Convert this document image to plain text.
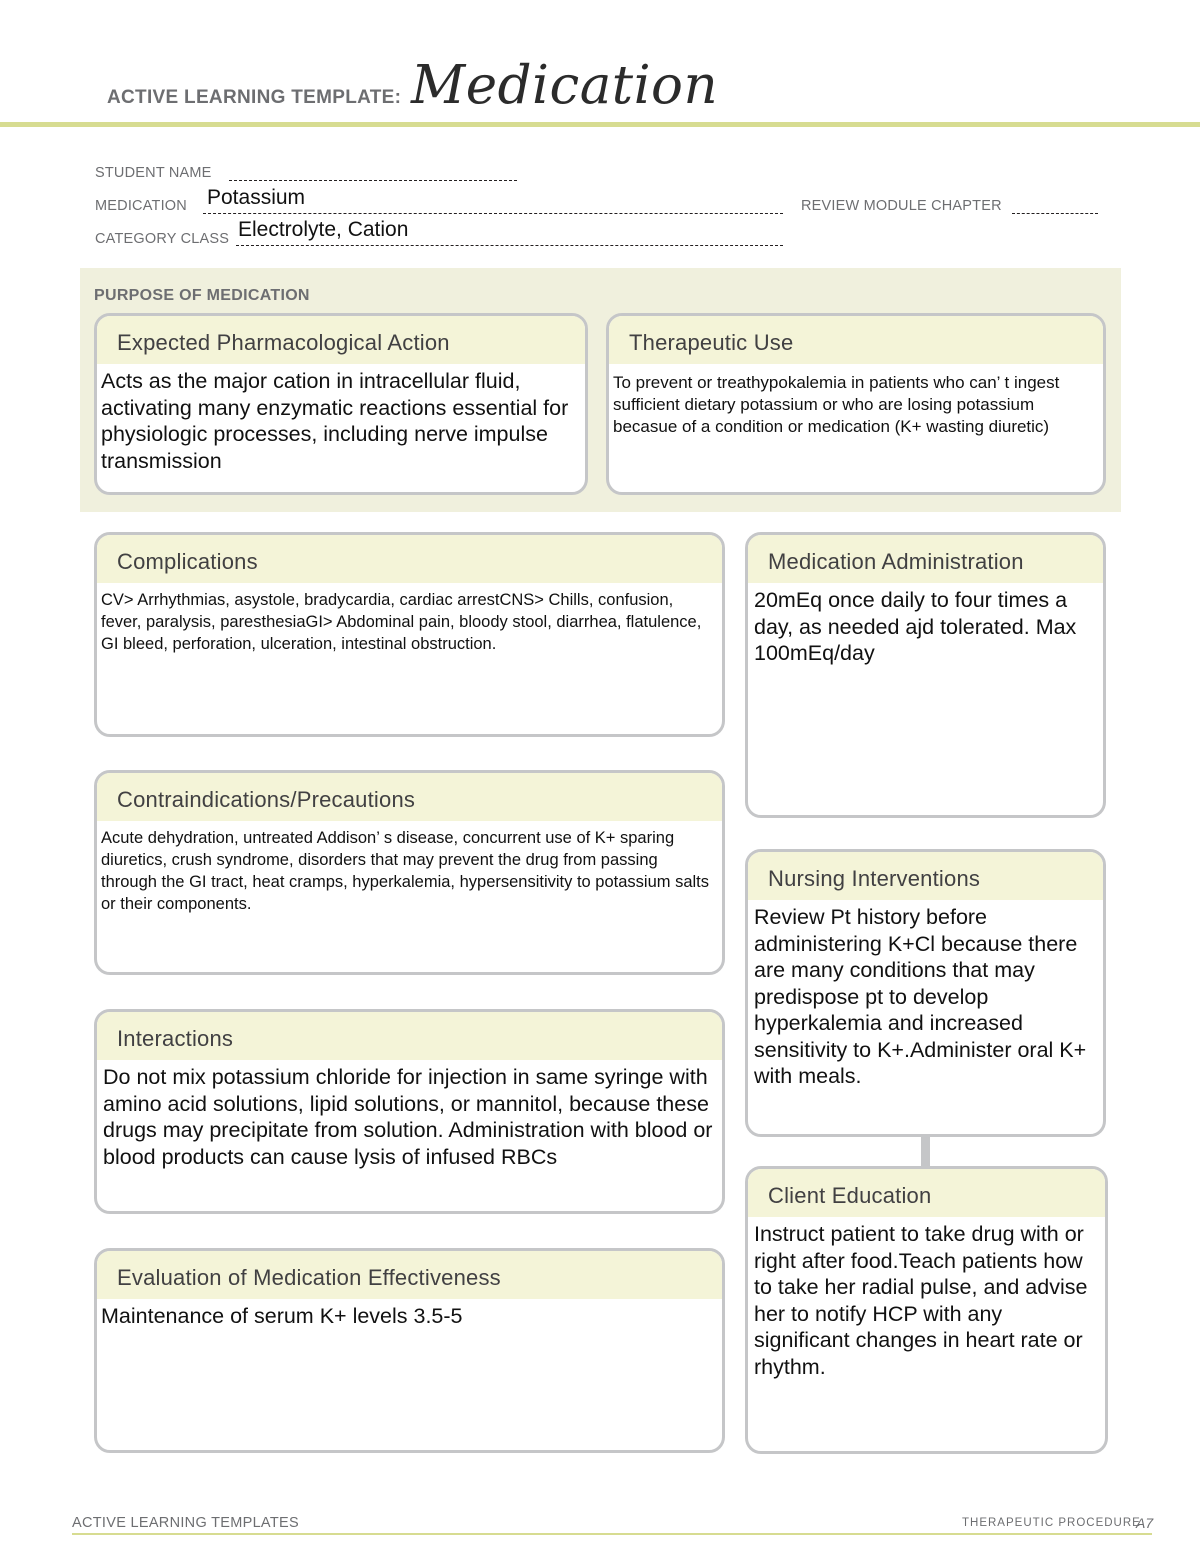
ACTIVE LEARNING TEMPLATE: Medication
STUDENT NAME
MEDICATION Potassium	REVIEW MODULE CHAPTER
CATEGORY CLASS Electrolyte, Cation
PURPOSE OF MEDICATION
Expected Pharmacological Action
Acts as the major cation in intracellular fluid, activating many enzymatic reactions essential for physiologic processes, including nerve impulse transmission
Therapeutic Use
To prevent or treathypokalemia in patients who can’ t ingest sufficient dietary potassium or who are losing potassium becasue of a condition or medication (K+ wasting diuretic)
Complications
CV> Arrhythmias, asystole, bradycardia, cardiac arrestCNS> Chills, confusion, fever, paralysis, paresthesiaGI> Abdominal pain, bloody stool, diarrhea, flatulence, GI bleed, perforation, ulceration, intestinal obstruction.
Contraindications/Precautions
Acute dehydration, untreated Addison’ s disease, concurrent use of K+ sparing diuretics, crush syndrome, disorders that may prevent the drug from passing through the GI tract, heat cramps, hyperkalemia, hypersensitivity to potassium salts or their components.
Interactions
Do not mix potassium chloride for injection in same syringe with amino acid solutions, lipid solutions, or mannitol, because these drugs may precipitate from solution. Administration with blood or blood products can cause lysis of infused RBCs
Evaluation of Medication Effectiveness
Maintenance of serum K+ levels 3.5-5
Medication Administration
20mEq once daily to four times a day, as needed ajd tolerated. Max 100mEq/day
Nursing Interventions
Review Pt history before administering K+Cl because there are many conditions that may predispose pt to develop hyperkalemia and increased sensitivity to K+.Administer oral K+ with meals.
Client Education
Instruct patient to take drug with or right after food.Teach patients how to take her radial pulse, and advise her to notify HCP with any significant changes in heart rate or rhythm.
ACTIVE LEARNING TEMPLATES	THERAPEUTIC PROCEDURE
A7
